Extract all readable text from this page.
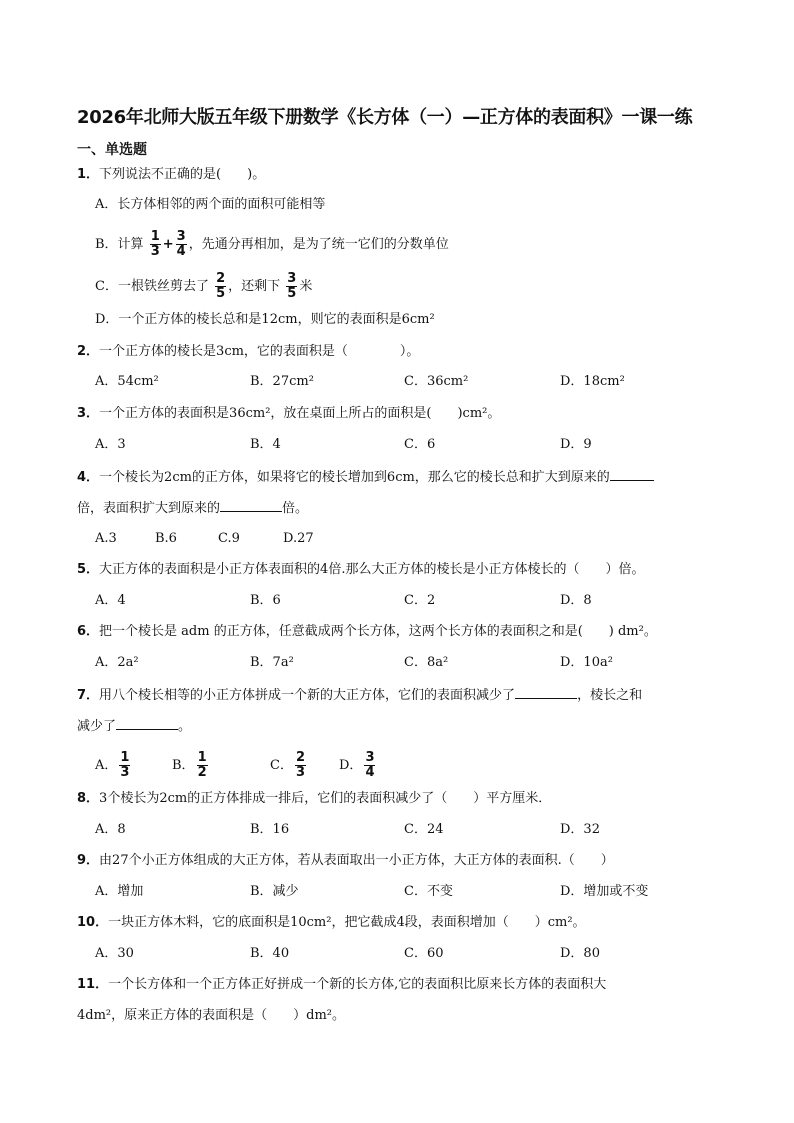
2026年北师大版五年级下册数学《长方体（一）—正方体的表面积》一课一练
一、单选题
1．下列说法不正确的是(　　)。
A．长方体相邻的两个面的面积可能相等
B．计算 $\frac{1}{3} + \frac{3}{4}$ ，先通分再相加，是为了统一它们的分数单位
C．一根铁丝剪去了 $\frac{2}{5}$ ，还剩下 $\frac{3}{5}$ 米
D．一个正方体的棱长总和是12cm，则它的表面积是6cm²
2．一个正方体的棱长是3cm，它的表面积是（　　　　）。
A．54cm²	B．27cm²	C．36cm²	D．18cm²
3．一个正方体的表面积是36cm²，放在桌面上所占的面积是(　　)cm²。
A．3	B．4	C．6	D．9
4．一个棱长为2cm的正方体，如果将它的棱长增加到6cm，那么它的棱长总和扩大到原来的
倍，表面积扩大到原来的	倍。
A.3	B.6	C.9	D.27
5．大正方体的表面积是小正方体表面积的4倍.那么大正方体的棱长是小正方体棱长的（　　）倍。
A．4	B．6	C．2	D．8
6．把一个棱长是 adm 的正方体，任意截成两个长方体，这两个长方体的表面积之和是(　　) dm²。
A．2a²	B．7a²	C．8a²	D．10a²
7．用八个棱长相等的小正方体拼成一个新的大正方体，它们的表面积减少了	，棱长之和
减少了	。
A． $\frac{1}{3}$	B． $\frac{1}{2}$	C． $\frac{2}{3}$	D． $\frac{3}{4}$
8．3个棱长为2cm的正方体排成一排后，它们的表面积减少了（　　）平方厘米．
A．8	B．16	C．24	D．32
9．由27个小正方体组成的大正方体，若从表面取出一小正方体，大正方体的表面积.（　　）
A．增加	B．减少	C．不变	D．增加或不变
10．一块正方体木料，它的底面积是10cm²，把它截成4段，表面积增加（　　）cm²。
A．30	B．40	C．60	D．80
11．一个长方体和一个正方体正好拼成一个新的长方体,它的表面积比原来长方体的表面积大
4dm²，原来正方体的表面积是（　　）dm²。
